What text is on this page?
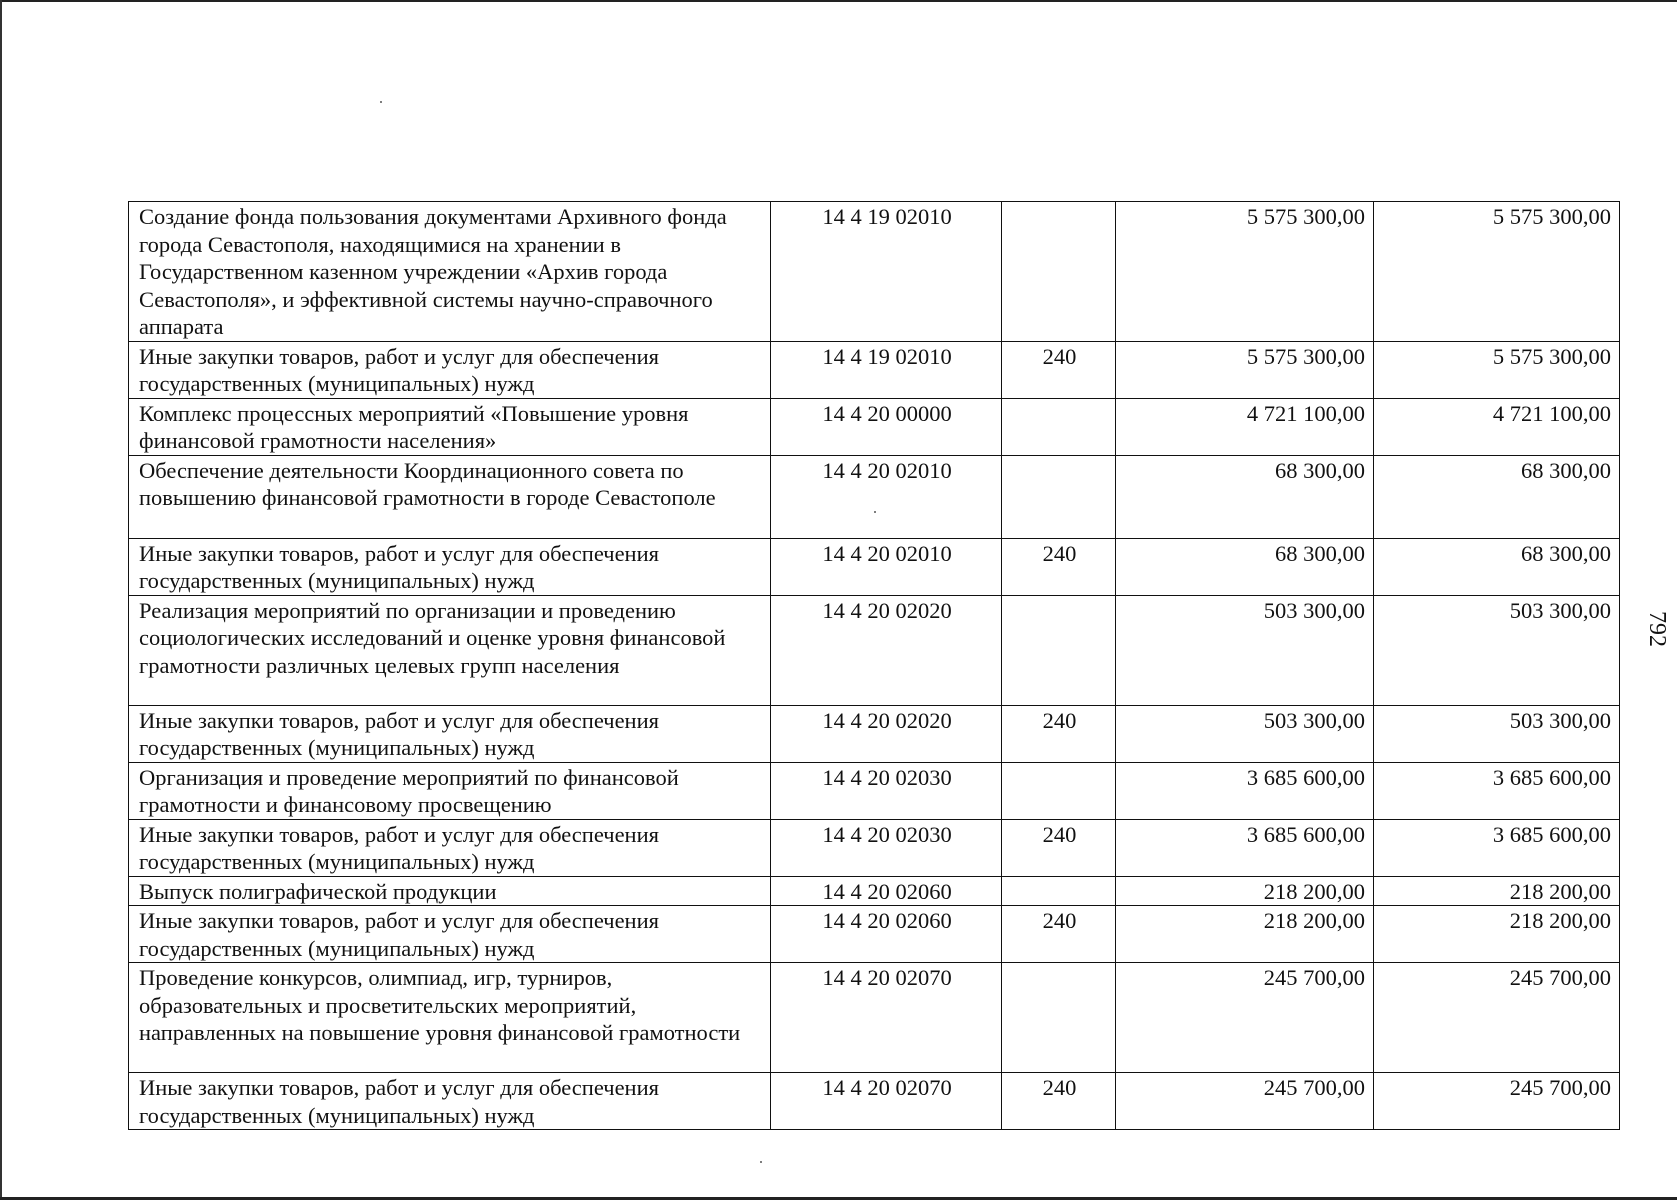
Создание фонда пользования документами Архивного фонда города Севастополя, находящимися на хранении в Государственном казенном учреждении «Архив города Севастополя», и эффективной системы научно-справочного аппарата	14 4 19 02010		5 575 300,00	5 575 300,00
Иные закупки товаров, работ и услуг для обеспечения государственных (муниципальных) нужд	14 4 19 02010	240	5 575 300,00	5 575 300,00
Комплекс процессных мероприятий «Повышение уровня финансовой грамотности населения»	14 4 20 00000		4 721 100,00	4 721 100,00
Обеспечение деятельности Координационного совета по повышению финансовой грамотности в городе Севастополе	14 4 20 02010		68 300,00	68 300,00
Иные закупки товаров, работ и услуг для обеспечения государственных (муниципальных) нужд	14 4 20 02010	240	68 300,00	68 300,00
Реализация мероприятий по организации и проведению социологических исследований и оценке уровня финансовой грамотности различных целевых групп населения	14 4 20 02020		503 300,00	503 300,00
Иные закупки товаров, работ и услуг для обеспечения государственных (муниципальных) нужд	14 4 20 02020	240	503 300,00	503 300,00
Организация и проведение мероприятий по финансовой грамотности и финансовому просвещению	14 4 20 02030		3 685 600,00	3 685 600,00
Иные закупки товаров, работ и услуг для обеспечения государственных (муниципальных) нужд	14 4 20 02030	240	3 685 600,00	3 685 600,00
Выпуск полиграфической продукции	14 4 20 02060		218 200,00	218 200,00
Иные закупки товаров, работ и услуг для обеспечения государственных (муниципальных) нужд	14 4 20 02060	240	218 200,00	218 200,00
Проведение конкурсов, олимпиад, игр, турниров, образовательных и просветительских мероприятий, направленных на повышение уровня финансовой грамотности	14 4 20 02070		245 700,00	245 700,00
Иные закупки товаров, работ и услуг для обеспечения государственных (муниципальных) нужд	14 4 20 02070	240	245 700,00	245 700,00
792
